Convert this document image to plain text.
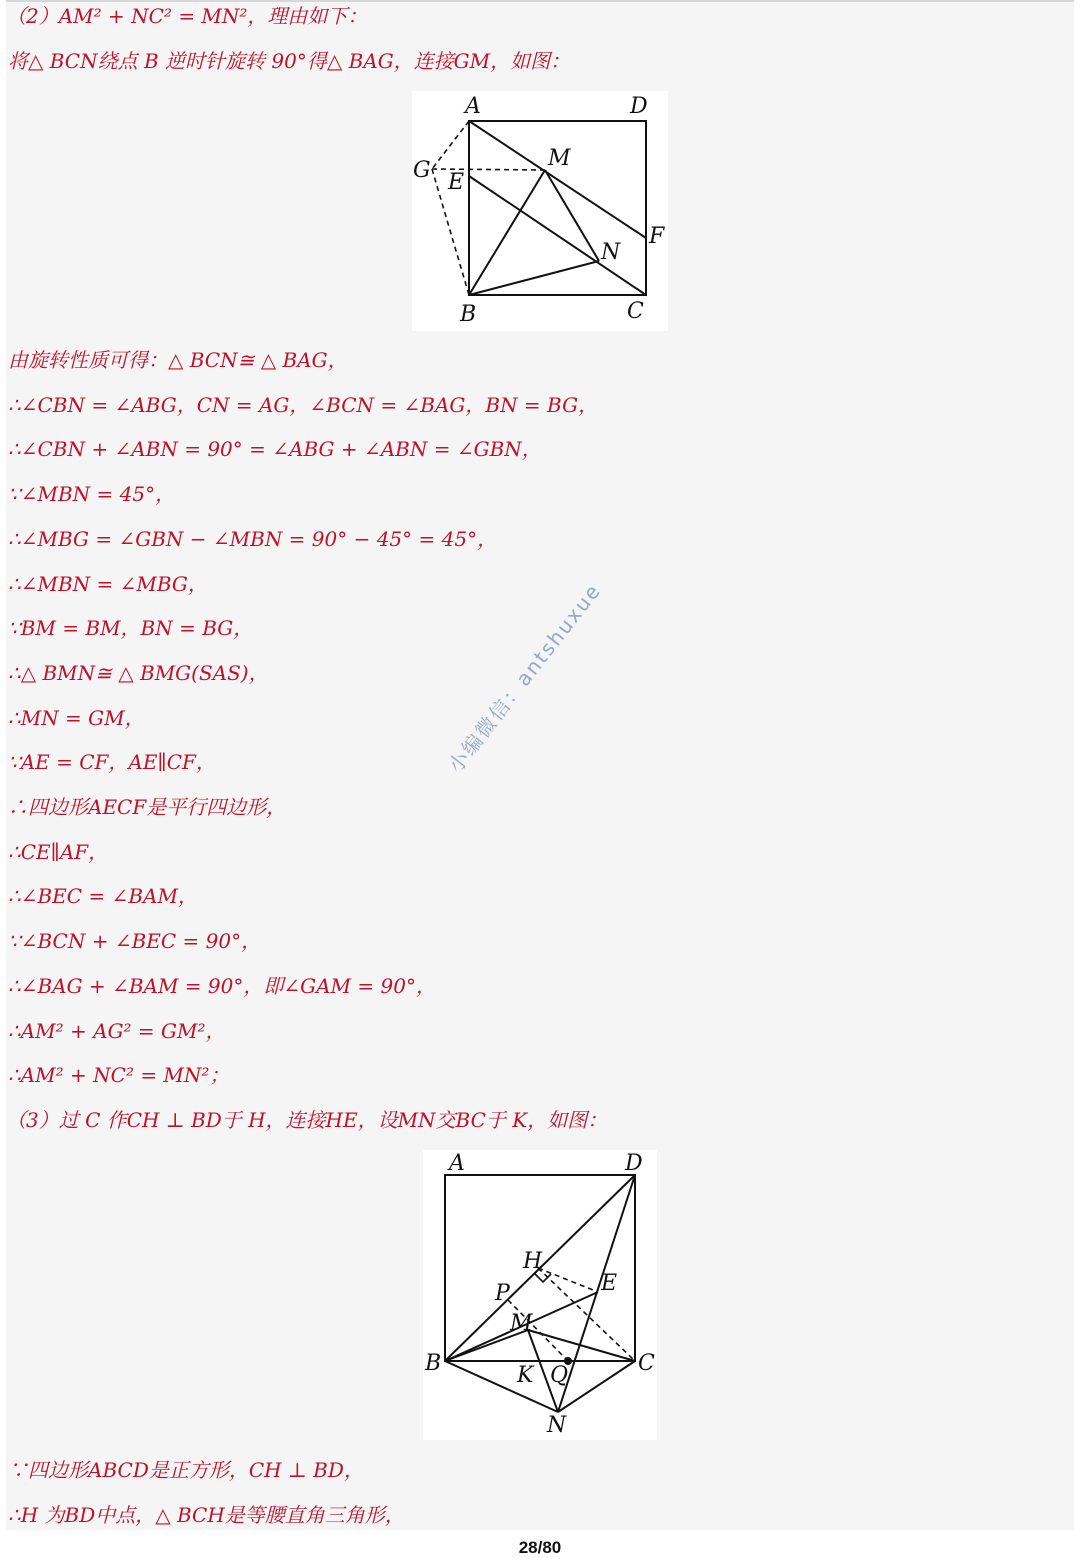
（2）AM² + NC² = MN²，理由如下：
将△ BCN绕点 B 逆时针旋转 90°得△ BAG，连接GM，如图：
A	D
G E
M
F
N
B	C
由旋转性质可得：△ BCN≅ △ BAG，
∴∠CBN = ∠ABG，CN = AG，∠BCN = ∠BAG，BN = BG，
∴∠CBN + ∠ABN = 90° = ∠ABG + ∠ABN = ∠GBN，
∵∠MBN = 45°，
∴∠MBG = ∠GBN − ∠MBN = 90° − 45° = 45°，
∴∠MBN = ∠MBG，
∵BM = BM，BN = BG，
∴△ BMN≅ △ BMG(SAS)，
∴MN = GM，
∵AE = CF，AE∥CF，
∴四边形AECF是平行四边形，
∴CE∥AF，
∴∠BEC = ∠BAM，
∵∠BCN + ∠BEC = 90°，
∴∠BAG + ∠BAM = 90°，即∠GAM = 90°，
∴AM² + AG² = GM²，
∴AM² + NC² = MN²；
（3）过 C 作CH ⊥ BD于 H，连接HE，设MN交BC于 K，如图：
A	D
H
E
P
M
B	K Q	C
N
∵四边形ABCD是正方形，CH ⊥ BD，
∴H 为BD中点，△ BCH是等腰直角三角形，
小编微信：antshuxue
28/80
